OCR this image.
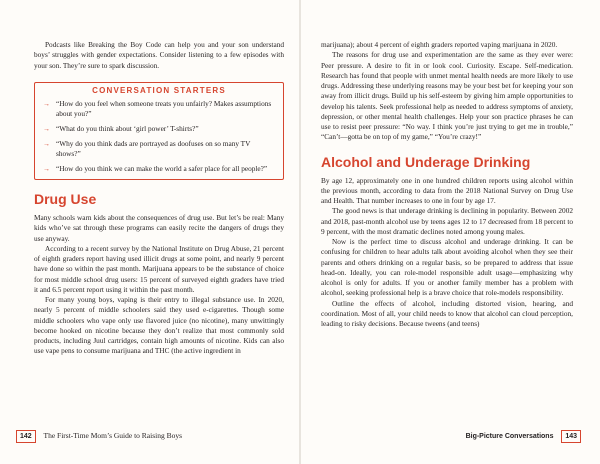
Podcasts like Breaking the Boy Code can help you and your son understand boys’ struggles with gender expectations. Consider listening to a few episodes with your son. They’re sure to spark discussion.

CONVERSATION STARTERS
→ “How do you feel when someone treats you unfairly? Makes assumptions about you?”
→ “What do you think about ‘girl power’ T-shirts?”
→ “Why do you think dads are portrayed as doofuses on so many TV shows?”
→ “How do you think we can make the world a safer place for all people?”
Drug Use

Many schools warn kids about the consequences of drug use. But let’s be real: Many kids who’ve sat through these programs can easily recite the dangers of drugs they use anyway.

According to a recent survey by the National Institute on Drug Abuse, 21 percent of eighth graders report having used illicit drugs at some point, and nearly 9 percent have done so within the past month. Marijuana appears to be the substance of choice for most middle school drug users: 15 percent of surveyed eighth graders have tried it and 6.5 percent report using it within the past month.

For many young boys, vaping is their entry to illegal substance use. In 2020, nearly 5 percent of middle schoolers said they used e-cigarettes. Though some middle schoolers who vape only use flavored juice (no nicotine), many unwittingly become hooked on nicotine because they don’t realize that most commonly sold products, including Juul cartridges, contain high amounts of nicotine. Kids can also use vape pens to consume marijuana and THC (the active ingredient in

142 The First-Time Mom’s Guide to Raising Boys

marijuana); about 4 percent of eighth graders reported vaping marijuana in 2020.

The reasons for drug use and experimentation are the same as they ever were: Peer pressure. A desire to fit in or look cool. Curiosity. Escape. Self-medication. Research has found that people with unmet mental health needs are more likely to use drugs. Addressing these underlying reasons may be your best bet for keeping your son away from illicit drugs. Build up his self-esteem by giving him ample opportunities to develop his talents. Seek professional help as needed to address symptoms of anxiety, depression, or other mental health challenges. Help your son practice phrases he can use to resist peer pressure: “No way. I think you’re just trying to get me in trouble,” “Can’t—gotta be on top of my game,” “You’re crazy!”

Alcohol and Underage Drinking

By age 12, approximately one in one hundred children reports using alcohol within the previous month, according to data from the 2018 National Survey on Drug Use and Health. That number increases to one in four by age 17.

The good news is that underage drinking is declining in popularity. Between 2002 and 2018, past-month alcohol use by teens ages 12 to 17 decreased from 18 percent to 9 percent, with the most dramatic declines noted among young males.

Now is the perfect time to discuss alcohol and underage drinking. It can be confusing for children to hear adults talk about avoiding alcohol when they see their parents and others drinking on a regular basis, so be prepared to address that issue head-on. Ideally, you can role-model responsible adult usage—emphasizing why alcohol is only for adults. If you or another family member has a problem with alcohol, seeking professional help is a brave choice that role-models responsibility.

Outline the effects of alcohol, including distorted vision, hearing, and coordination. Most of all, your child needs to know that alcohol can cloud perception, leading to risky decisions. Because tweens (and teens)

Big-Picture Conversations 143
